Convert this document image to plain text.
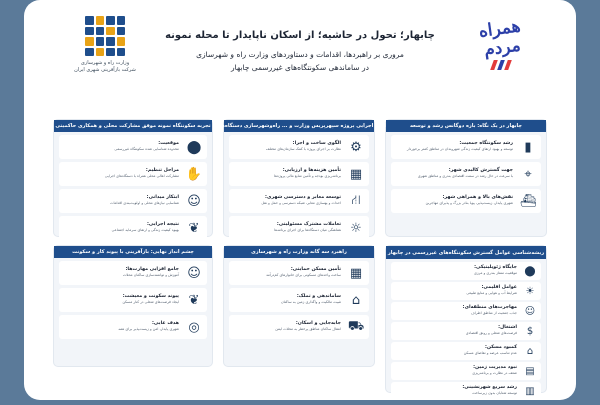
همراه مردم
چابهار؛ تحول در حاشیه؛ از اسکان ناپایدار تا محله نمونه
مروری بر راهبردها، اقدامات و دستاوردهای وزارت راه و شهرسازی
در ساماندهی سکونتگاه‌های غیررسمی چابهار
وزارت راه و شهرسازی
شرکت بازآفرینی شهری ایران
چابهار در یک نگاه: بازه دوگانس رشد و توسعه
▮
رشد سکونتگاه جمعیت:
توسعه و بهبود ارتقای کیفیت زندگی شهروندان در مناطق کمتر برخوردار
⌖
جهت گسترش کالبدی شهر:
با سرعت در حال رشد در سمت اقتصادی بندری و مناطق شهری
⛴
نقش‌های بالا و همراهی شهر:
شهری پایدار، زیست‌پذیر، پویا بنادر بزرگ و پذیرای مهاجرین
ابعاد اجرایی پروژه سپهرپریس وزارت و ... راه‌و‌شهرسازی دستگاه‌ها ...
⚙
الگوی ساخت و اجرا:
نظارت بر اجرای پروژه با کمک سازمان‌های مختلف
▦
تأمین هزینه‌ها و ارزیابی:
برنامه‌ریزی بودجه و تأمین منابع مالی پروژه‌ها
⛙
توسعه معابر و دسترسی شهری:
احداث و بهسازی معابر، شبکه دسترسی و حمل و نقل
☼
تعاملات مشترک مسئولیتی:
هماهنگی میان دستگاه‌ها برای اجرای برنامه‌ها
تجربه سکونتگاه نمونه موفق مشارکت محلی و همکاری حاکمیتی
⬤
موقعیت:
محدوده شناسایی شده سکونتگاه غیررسمی
✋
مراحل تنظیم:
مشارکت اهالی محلی همراه با دستگاه‌های اجرایی
☺
ابتکار میدانی:
شناسایی نیازهای محلی و اولویت‌بندی اقدامات
❦
نتیجه اجرایی:
بهبود کیفیت زندگی و ارتقای سرمایه اجتماعی
ریشه‌شناسی عوامل گسترش سکونتگاه‌های غیررسمی در چابهار
⬤
جایگاه ژئوپلیتیکی:
موقعیت ممتاز بندری و مرزی
☀
عوامل اقلیمی:
شرایط آب و هوایی و منابع طبیعی
☺
مهاجرت‌های منطقه‌ای:
جذب جمعیت از مناطق اطراف
$
اشتغال:
فرصت‌های شغلی و رونق اقتصادی
⌂
کمبود مسکن:
عدم تناسب عرضه و تقاضای مسکن
▤
نبود مدیریت زمین:
ضعف در نظارت و برنامه‌ریزی
▥
رشد سریع شهرنشینی:
توسعه شتابان بدون زیرساخت
راهبرد سه گانه وزارت راه و شهرسازی
▦
تأمین مسکن حمایتی:
ساخت واحدهای مسکونی برای خانوارهای کم‌درآمد
⌂
ساماندهی و تملک:
تثبیت مالکیت و واگذاری زمین به ساکنان
⛟
جابه‌جایی و اسکان:
انتقال ساکنان مناطق پرخطر به محلات ایمن
چشم انداز نهایی: بازآفرینی با پیوند کار و سکونت
☺
جامع افزایی مهارت‌ها:
آموزش و توانمندسازی ساکنان محلات
❦
پیوند سکونت و معیشت:
ایجاد فرصت‌های شغلی در کنار مسکن
◎
هدف غایی:
شهری پایدار، امن و زیست‌پذیر برای همه
